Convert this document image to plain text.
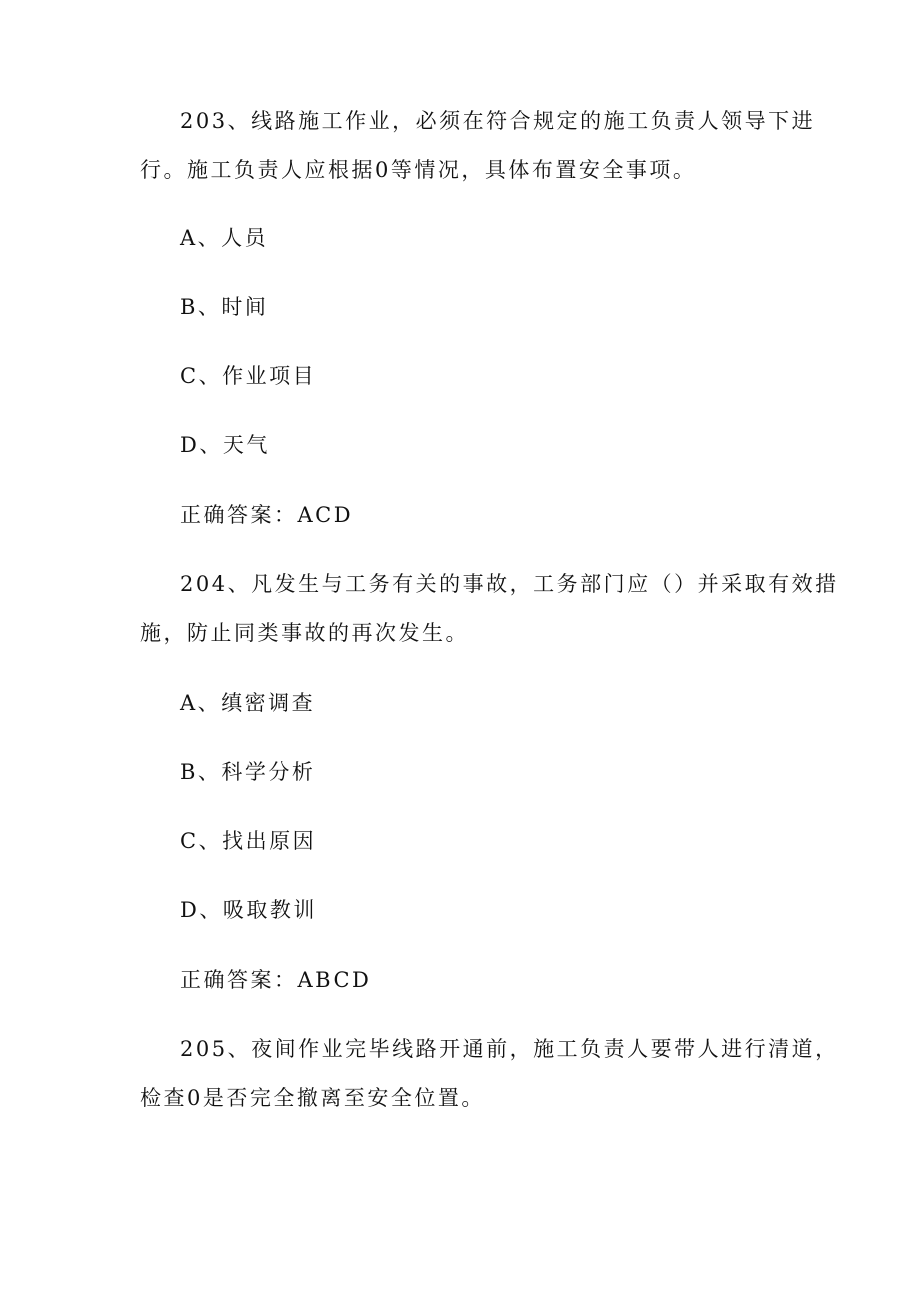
203、线路施工作业，必须在符合规定的施工负责人领导下进
行。施工负责人应根据0等情况，具体布置安全事项。
A、人员
B、时间
C、作业项目
D、天气
正确答案：ACD
204、凡发生与工务有关的事故，工务部门应（）并采取有效措
施，防止同类事故的再次发生。
A、缜密调查
B、科学分析
C、找出原因
D、吸取教训
正确答案：ABCD
205、夜间作业完毕线路开通前，施工负责人要带人进行清道，
检查0是否完全撤离至安全位置。
